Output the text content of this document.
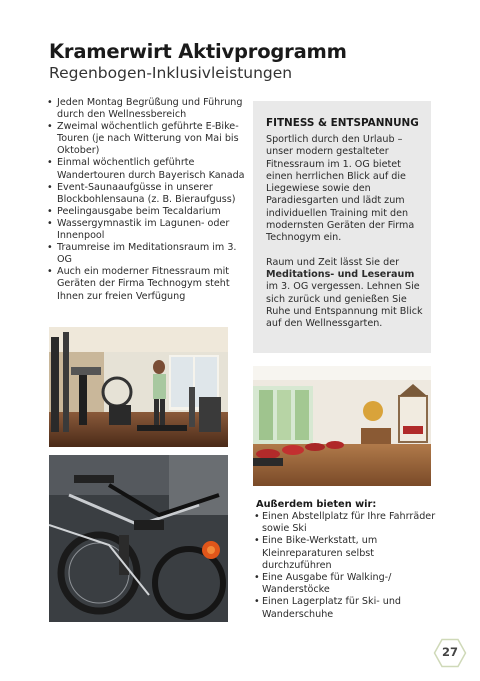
Kramerwirt Aktivprogramm
Regenbogen-Inklusivleistungen
• Jeden Montag Begrüßung und Führung durch den Wellnessbereich
• Zweimal wöchentlich geführte E-Bike-Touren (je nach Witterung von Mai bis Oktober)
• Einmal wöchentlich geführte Wandertouren durch Bayerisch Kanada
• Event-Saunaaufgüsse in unserer Blockbohlensauna (z. B. Bieraufguss)
• Peelingausgabe beim Tecaldarium
• Wassergymnastik im Lagunen- oder Innenpool
• Traumreise im Meditationsraum im 3. OG
• Auch ein moderner Fitnessraum mit Geräten der Firma Technogym steht Ihnen zur freien Verfügung
FITNESS & ENTSPANNUNG

Sportlich durch den Urlaub – unser modern gestalteter Fitnessraum im 1. OG bietet einen herrlichen Blick auf die Liegewiese sowie den Paradiesgarten und lädt zum individuellen Training mit den modernsten Geräten der Firma Technogym ein.

Raum und Zeit lässt Sie der Meditations- und Leseraum im 3. OG vergessen. Lehnen Sie sich zurück und genießen Sie Ruhe und Entspannung mit Blick auf den Wellnessgarten.

Außerdem bieten wir:
• Einen Abstellplatz für Ihre Fahrräder sowie Ski
• Eine Bike-Werkstatt, um Kleinreparaturen selbst durchzuführen
• Eine Ausgabe für Walking-/ Wanderstöcke
• Einen Lagerplatz für Ski- und Wanderschuhe
27
